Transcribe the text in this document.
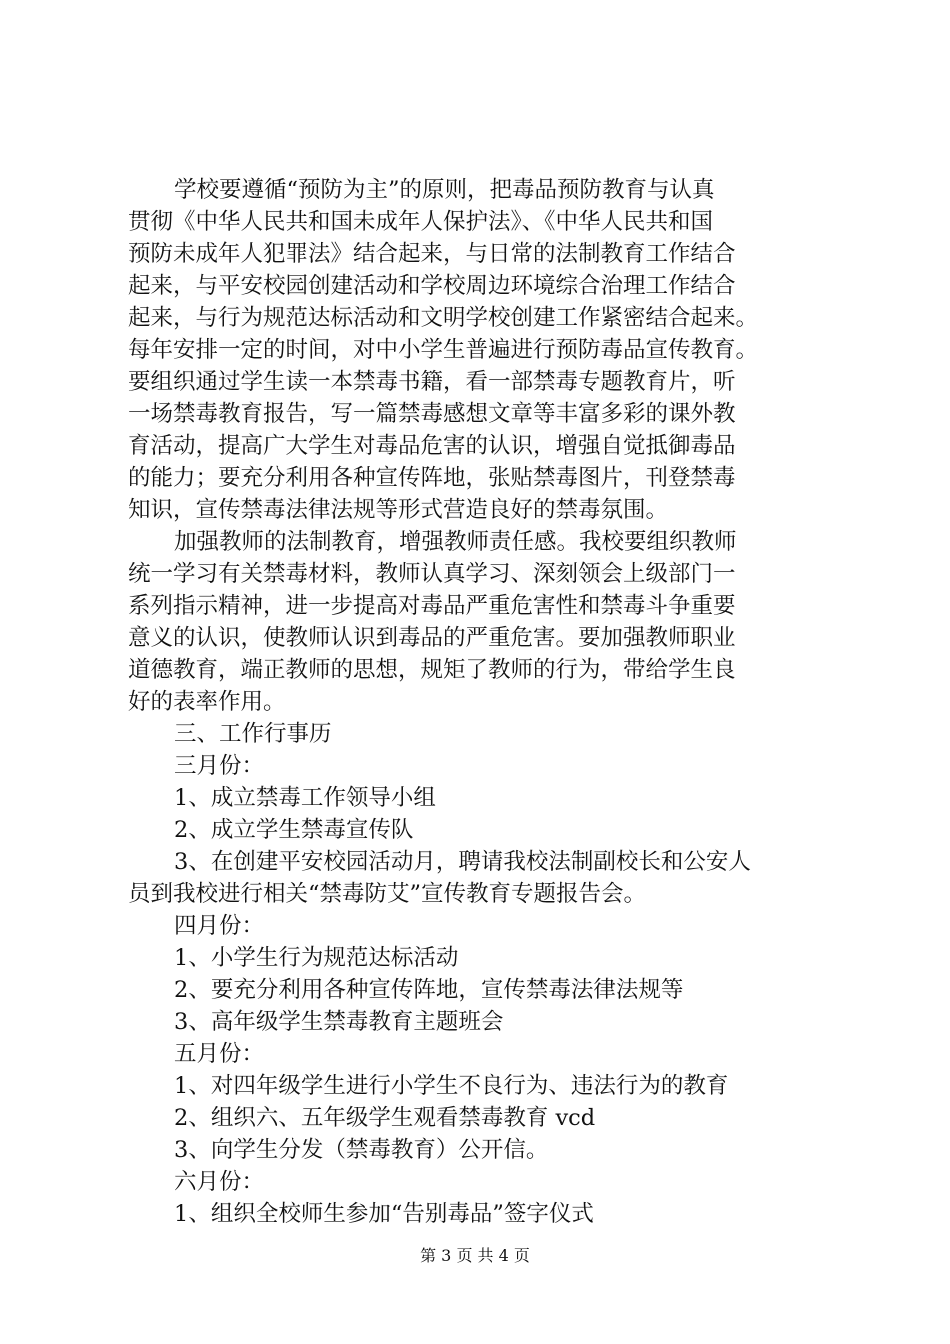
学校要遵循“预防为主”的原则，把毒品预防教育与认真
贯彻《中华人民共和国未成年人保护法》、《中华人民共和国
预防未成年人犯罪法》结合起来，与日常的法制教育工作结合
起来，与平安校园创建活动和学校周边环境综合治理工作结合
起来，与行为规范达标活动和文明学校创建工作紧密结合起来。
每年安排一定的时间，对中小学生普遍进行预防毒品宣传教育。
要组织通过学生读一本禁毒书籍，看一部禁毒专题教育片，听
一场禁毒教育报告，写一篇禁毒感想文章等丰富多彩的课外教
育活动，提高广大学生对毒品危害的认识，增强自觉抵御毒品
的能力；要充分利用各种宣传阵地，张贴禁毒图片，刊登禁毒
知识，宣传禁毒法律法规等形式营造良好的禁毒氛围。
加强教师的法制教育，增强教师责任感。我校要组织教师
统一学习有关禁毒材料，教师认真学习、深刻领会上级部门一
系列指示精神，进一步提高对毒品严重危害性和禁毒斗争重要
意义的认识，使教师认识到毒品的严重危害。要加强教师职业
道德教育，端正教师的思想，规矩了教师的行为，带给学生良
好的表率作用。
三、工作行事历
三月份：
1、成立禁毒工作领导小组
2、成立学生禁毒宣传队
3、在创建平安校园活动月，聘请我校法制副校长和公安人
员到我校进行相关“禁毒防艾”宣传教育专题报告会。
四月份：
1、小学生行为规范达标活动
2、要充分利用各种宣传阵地，宣传禁毒法律法规等
3、高年级学生禁毒教育主题班会
五月份：
1、对四年级学生进行小学生不良行为、违法行为的教育
2、组织六、五年级学生观看禁毒教育 vcd
3、向学生分发（禁毒教育）公开信。
六月份：
1、组织全校师生参加“告别毒品”签字仪式
第 3 页 共 4 页
